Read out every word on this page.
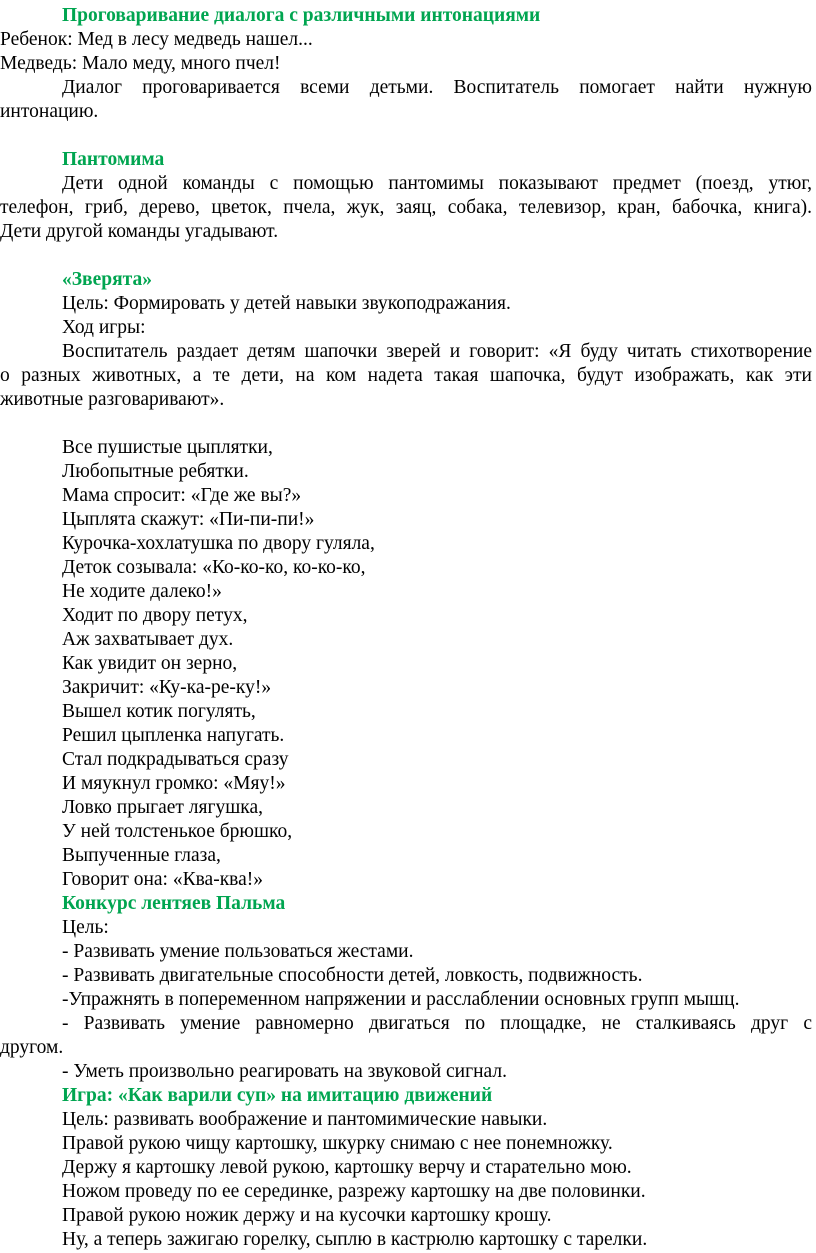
Проговаривание диалога с различными интонациями
Ребенок: Мед в лесу медведь нашел...
Медведь: Мало меду, много пчел!
Диалог проговаривается всеми детьми. Воспитатель помогает найти нужную
интонацию.
Пантомима
Дети одной команды с помощью пантомимы показывают предмет (поезд, утюг,
телефон, гриб, дерево, цветок, пчела, жук, заяц, собака, телевизор, кран, бабочка, книга).
Дети другой команды угадывают.
«Зверята»
Цель: Формировать у детей навыки звукоподражания.
Ход игры:
Воспитатель раздает детям шапочки зверей и говорит: «Я буду читать стихотворение
о разных животных, а те дети, на ком надета такая шапочка, будут изображать, как эти
животные разговаривают».
Все пушистые цыплятки,
Любопытные ребятки.
Мама спросит: «Где же вы?»
Цыплята скажут: «Пи-пи-пи!»
Курочка-хохлатушка по двору гуляла,
Деток созывала: «Ко-ко-ко, ко-ко-ко,
Не ходите далеко!»
Ходит по двору петух,
Аж захватывает дух.
Как увидит он зерно,
Закричит: «Ку-ка-ре-ку!»
Вышел котик погулять,
Решил цыпленка напугать.
Стал подкрадываться сразу
И мяукнул громко: «Мяу!»
Ловко прыгает лягушка,
У ней толстенькое брюшко,
Выпученные глаза,
Говорит она: «Ква-ква!»
Конкурс лентяев Пальма
Цель:
- Развивать умение пользоваться жестами.
- Развивать двигательные способности детей, ловкость, подвижность.
-Упражнять в попеременном напряжении и расслаблении основных групп мышц.
- Развивать умение равномерно двигаться по площадке, не сталкиваясь друг с
другом.
- Уметь произвольно реагировать на звуковой сигнал.
Игра: «Как варили суп» на имитацию движений
Цель: развивать воображение и пантомимические навыки.
Правой рукою чищу картошку, шкурку снимаю с нее понемножку.
Держу я картошку левой рукою, картошку верчу и старательно мою.
Ножом проведу по ее серединке, разрежу картошку на две половинки.
Правой рукою ножик держу и на кусочки картошку крошу.
Ну, а теперь зажигаю горелку, сыплю в кастрюлю картошку с тарелки.
